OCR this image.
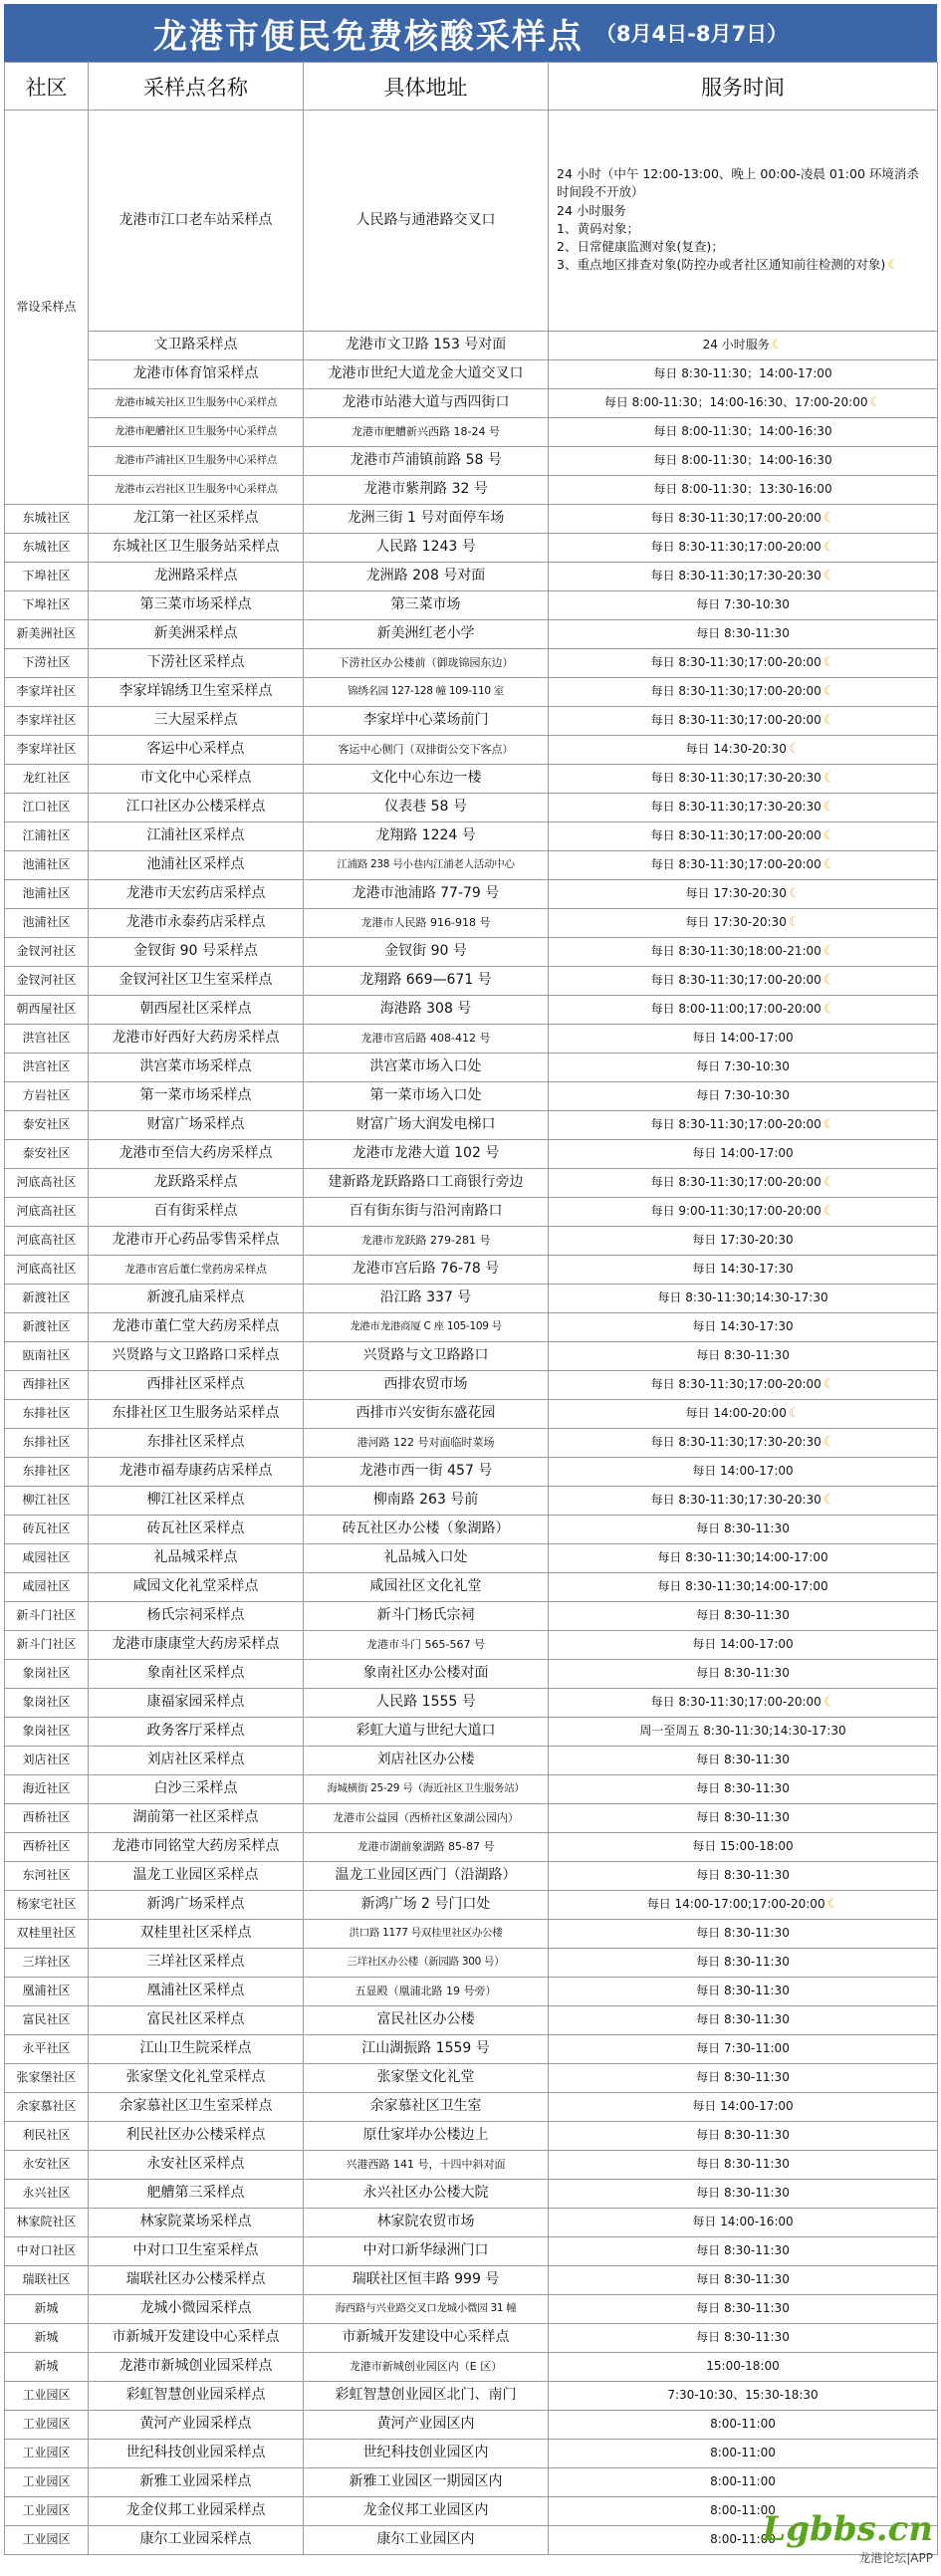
龙港市便民免费核酸采样点 （8月4日-8月7日）
社区	采样点名称	具体地址	服务时间
常设采样点	龙港市江口老车站采样点	人民路与通港路交叉口	24 小时（中午 12:00-13:00、晚上 00:00-凌晨 01:00 环境消杀时间段不开放）
24 小时服务
1、黄码对象；
2、日常健康监测对象(复查)；
3、重点地区排查对象(防控办或者社区通知前往检测的对象) ☾
	文卫路采样点	龙港市文卫路 153 号对面	24 小时服务 ☾
	龙港市体育馆采样点	龙港市世纪大道龙金大道交叉口	每日 8:30-11:30；14:00-17:00
	龙港市城关社区卫生服务中心采样点	龙港市站港大道与西四街口	每日 8:00-11:30；14:00-16:30、17:00-20:00 ☾
	龙港市舥艚社区卫生服务中心采样点	龙港市舥艚新兴西路 18-24 号	每日 8:00-11:30；14:00-16:30
	龙港市芦浦社区卫生服务中心采样点	龙港市芦浦镇前路 58 号	每日 8:00-11:30；14:00-16:30
	龙港市云岩社区卫生服务中心采样点	龙港市紫荆路 32 号	每日 8:00-11:30；13:30-16:00
东城社区	龙江第一社区采样点	龙洲三街 1 号对面停车场	每日 8:30-11:30;17:00-20:00 ☾
东城社区	东城社区卫生服务站采样点	人民路 1243 号	每日 8:30-11:30;17:00-20:00 ☾
下埠社区	龙洲路采样点	龙洲路 208 号对面	每日 8:30-11:30;17:30-20:30 ☾
下埠社区	第三菜市场采样点	第三菜市场	每日 7:30-10:30
新美洲社区	新美洲采样点	新美洲红老小学	每日 8:30-11:30
下涝社区	下涝社区采样点	下涝社区办公楼前（御珑锦园东边）	每日 8:30-11:30;17:00-20:00 ☾
李家垟社区	李家垟锦绣卫生室采样点	锦绣名园 127-128 幢 109-110 室	每日 8:30-11:30;17:00-20:00 ☾
李家垟社区	三大屋采样点	李家垟中心菜场前门	每日 8:30-11:30;17:00-20:00 ☾
李家垟社区	客运中心采样点	客运中心侧门（双排街公交下客点）	每日 14:30-20:30 ☾
龙红社区	市文化中心采样点	文化中心东边一楼	每日 8:30-11:30;17:30-20:30 ☾
江口社区	江口社区办公楼采样点	仪表巷 58 号	每日 8:30-11:30;17:30-20:30 ☾
江浦社区	江浦社区采样点	龙翔路 1224 号	每日 8:30-11:30;17:00-20:00 ☾
池浦社区	池浦社区采样点	江浦路 238 号小巷内江浦老人活动中心	每日 8:30-11:30;17:00-20:00 ☾
池浦社区	龙港市天宏药店采样点	龙港市池浦路 77-79 号	每日 17:30-20:30 ☾
池浦社区	龙港市永泰药店采样点	龙港市人民路 916-918 号	每日 17:30-20:30 ☾
金钗河社区	金钗街 90 号采样点	金钗街 90 号	每日 8:30-11:30;18:00-21:00 ☾
金钗河社区	金钗河社区卫生室采样点	龙翔路 669—671 号	每日 8:30-11:30;17:00-20:00 ☾
朝西屋社区	朝西屋社区采样点	海港路 308 号	每日 8:00-11:00;17:00-20:00 ☾
洪宫社区	龙港市好西好大药房采样点	龙港市宫后路 408-412 号	每日 14:00-17:00
洪宫社区	洪宫菜市场采样点	洪宫菜市场入口处	每日 7:30-10:30
方岩社区	第一菜市场采样点	第一菜市场入口处	每日 7:30-10:30
泰安社区	财富广场采样点	财富广场大润发电梯口	每日 8:30-11:30;17:00-20:00 ☾
泰安社区	龙港市至信大药房采样点	龙港市龙港大道 102 号	每日 14:00-17:00
河底高社区	龙跃路采样点	建新路龙跃路路口工商银行旁边	每日 8:30-11:30;17:00-20:00 ☾
河底高社区	百有街采样点	百有街东街与沿河南路口	每日 9:00-11:30;17:00-20:00 ☾
河底高社区	龙港市开心药品零售采样点	龙港市龙跃路 279-281 号	每日 17:30-20:30
河底高社区	龙港市宫后董仁堂药房采样点	龙港市宫后路 76-78 号	每日 14:30-17:30
新渡社区	新渡孔庙采样点	沿江路 337 号	每日 8:30-11:30;14:30-17:30
新渡社区	龙港市董仁堂大药房采样点	龙港市龙港商厦 C 座 105-109 号	每日 14:30-17:30
瓯南社区	兴贤路与文卫路路口采样点	兴贤路与文卫路路口	每日 8:30-11:30
西排社区	西排社区采样点	西排农贸市场	每日 8:30-11:30;17:00-20:00 ☾
东排社区	东排社区卫生服务站采样点	西排市兴安街东盛花园	每日 14:00-20:00 ☾
东排社区	东排社区采样点	港河路 122 号对面临时菜场	每日 8:30-11:30;17:30-20:30 ☾
东排社区	龙港市福寿康药店采样点	龙港市西一街 457 号	每日 14:00-17:00
柳江社区	柳江社区采样点	柳南路 263 号前	每日 8:30-11:30;17:30-20:30 ☾
砖瓦社区	砖瓦社区采样点	砖瓦社区办公楼（象湖路）	每日 8:30-11:30
咸园社区	礼品城采样点	礼品城入口处	每日 8:30-11:30;14:00-17:00
咸园社区	咸园文化礼堂采样点	咸园社区文化礼堂	每日 8:30-11:30;14:00-17:00
新斗门社区	杨氏宗祠采样点	新斗门杨氏宗祠	每日 8:30-11:30
新斗门社区	龙港市康康堂大药房采样点	龙港市斗门 565-567 号	每日 14:00-17:00
象岗社区	象南社区采样点	象南社区办公楼对面	每日 8:30-11:30
象岗社区	康福家园采样点	人民路 1555 号	每日 8:30-11:30;17:00-20:00 ☾
象岗社区	政务客厅采样点	彩虹大道与世纪大道口	周一至周五 8:30-11:30;14:30-17:30
刘店社区	刘店社区采样点	刘店社区办公楼	每日 8:30-11:30
海近社区	白沙三采样点	海城横街 25-29 号（海近社区卫生服务站）	每日 8:30-11:30
西桥社区	湖前第一社区采样点	龙港市公益园（西桥社区象湖公园内）	每日 8:30-11:30
西桥社区	龙港市同铭堂大药房采样点	龙港市湖前象湖路 85-87 号	每日 15:00-18:00
东河社区	温龙工业园区采样点	温龙工业园区西门（沿湖路）	每日 8:30-11:30
杨家宅社区	新鸿广场采样点	新鸿广场 2 号门口处	每日 14:00-17:00;17:00-20:00 ☾
双桂里社区	双桂里社区采样点	洪口路 1177 号双桂里社区办公楼	每日 8:30-11:30
三垟社区	三垟社区采样点	三垟社区办公楼（新园路 300 号）	每日 8:30-11:30
凰浦社区	凰浦社区采样点	五显殿（凰浦北路 19 号旁）	每日 8:30-11:30
富民社区	富民社区采样点	富民社区办公楼	每日 8:30-11:30
永平社区	江山卫生院采样点	江山湖振路 1559 号	每日 7:30-11:00
张家堡社区	张家堡文化礼堂采样点	张家堡文化礼堂	每日 8:30-11:30
余家慕社区	余家慕社区卫生室采样点	余家慕社区卫生室	每日 14:00-17:00
利民社区	利民社区办公楼采样点	原仕家垟办公楼边上	每日 8:30-11:30
永安社区	永安社区采样点	兴港西路 141 号，十四中斜对面	每日 8:30-11:30
永兴社区	舥艚第三采样点	永兴社区办公楼大院	每日 8:30-11:30
林家院社区	林家院菜场采样点	林家院农贸市场	每日 14:00-16:00
中对口社区	中对口卫生室采样点	中对口新华绿洲门口	每日 8:30-11:30
瑞联社区	瑞联社区办公楼采样点	瑞联社区恒丰路 999 号	每日 8:30-11:30
新城	龙城小微园采样点	海西路与兴业路交叉口龙城小微园 31 幢	每日 8:30-11:30
新城	市新城开发建设中心采样点	市新城开发建设中心采样点	每日 8:30-11:30
新城	龙港市新城创业园采样点	龙港市新城创业园区内（E 区）	15:00-18:00
工业园区	彩虹智慧创业园采样点	彩虹智慧创业园区北门、南门	7:30-10:30、15:30-18:30
工业园区	黄河产业园采样点	黄河产业园区内	8:00-11:00
工业园区	世纪科技创业园采样点	世纪科技创业园区内	8:00-11:00
工业园区	新雅工业园采样点	新雅工业园区一期园区内	8:00-11:00
工业园区	龙金仪邦工业园采样点	龙金仪邦工业园区内	8:00-11:00
工业园区	康尔工业园采样点	康尔工业园区内	8:00-11:00
Lgbbs.cn
龙港论坛|APP
